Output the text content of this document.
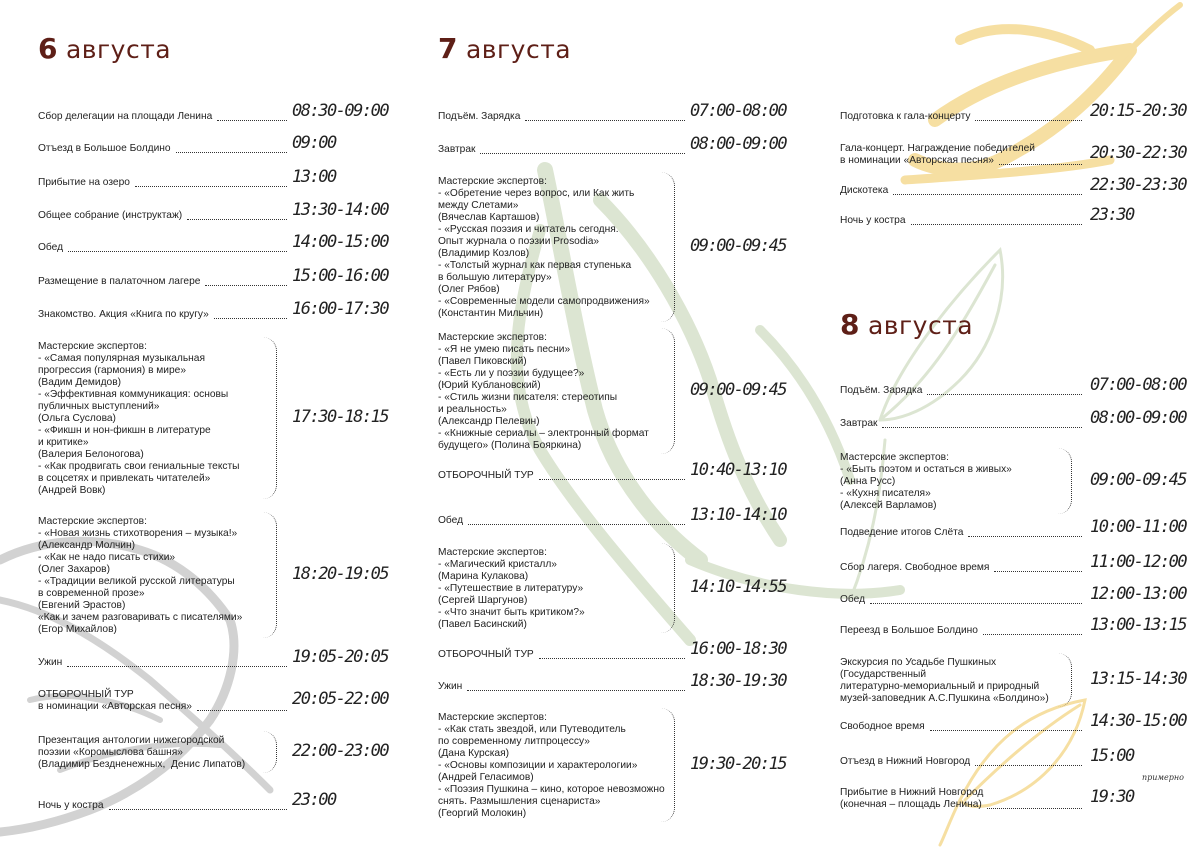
6 августа
Сбор делегации на площади Ленина	08:30-09:00
Отъезд в Большое Болдино	09:00
Прибытие на озеро	13:00
Общее собрание (инструктаж)	13:30-14:00
Обед	14:00-15:00
Размещение в палаточном лагере	15:00-16:00
Знакомство. Акция «Книга по кругу»	16:00-17:30
Мастерские экспертов:
- «Самая популярная музыкальная
прогрессия (гармония) в мире»
(Вадим Демидов)
- «Эффективная коммуникация: основы
публичных выступлений»
(Ольга Суслова)
- «Фикшн и нон-фикшн в литературе
и критике»
(Валерия Белоногова)
- «Как продвигать свои гениальные тексты
в соцсетях и привлекать читателей»
(Андрей Вовк)
17:30-18:15
Мастерские экспертов:
- «Новая жизнь стихотворения – музыка!»
(Александр Молчин)
- «Как не надо писать стихи»
(Олег Захаров)
- «Традиции великой русской литературы
в современной прозе»
(Евгений Эрастов)
«Как и зачем разговаривать с писателями»
(Егор Михайлов)
18:20-19:05
Ужин	19:05-20:05
ОТБОРОЧНЫЙ ТУР
в номинации «Авторская песня»	20:05-22:00
Презентация антологии нижегородской
поэзии «Коромыслова башня»
(Владимир Бездненежных,  Денис Липатов)
22:00-23:00
Ночь у костра	23:00
7 августа
Подъём. Зарядка	07:00-08:00
Завтрак	08:00-09:00
Мастерские экспертов:
- «Обретение через вопрос, или Как жить
между Слетами»
(Вячеслав Карташов)
- «Русская поэзия и читатель сегодня.
Опыт журнала о поэзии Prosodia»
(Владимир Козлов)
- «Толстый журнал как первая ступенька
в большую литературу»
(Олег Рябов)
- «Современные модели самопродвижения»
(Константин Мильчин)
09:00-09:45
Мастерские экспертов:
- «Я не умею писать песни»
(Павел Пиковский)
- «Есть ли у поэзии будущее?»
(Юрий Кублановский)
- «Стиль жизни писателя: стереотипы
и реальность»
(Александр Пелевин)
- «Книжные сериалы – электронный формат
будущего» (Полина Бояркина)
09:00-09:45
ОТБОРОЧНЫЙ ТУР	10:40-13:10
Обед	13:10-14:10
Мастерские экспертов:
- «Магический кристалл»
(Марина Кулакова)
- «Путешествие в литературу»
(Сергей Шаргунов)
- «Что значит быть критиком?»
(Павел Басинский)
14:10-14:55
ОТБОРОЧНЫЙ ТУР	16:00-18:30
Ужин	18:30-19:30
Мастерские экспертов:
- «Как стать звездой, или Путеводитель
по современному литпроцессу»
(Дана Курская)
- «Основы композиции и характерологии»
(Андрей Геласимов)
- «Поэзия Пушкина – кино, которое невозможно
снять. Размышления сценариста»
(Георгий Молокин)
19:30-20:15
Подготовка к гала-концерту	20:15-20:30
Гала-концерт. Награждение победителей
в номинации «Авторская песня»	20:30-22:30
Дискотека	22:30-23:30
Ночь у костра	23:30
8 августа
Подъём. Зарядка	07:00-08:00
Завтрак	08:00-09:00
Мастерские экспертов:
- «Быть поэтом и остаться в живых»
(Анна Русс)
- «Кухня писателя»
(Алексей Варламов)
09:00-09:45
Подведение итогов Слёта	10:00-11:00
Сбор лагеря. Свободное время	11:00-12:00
Обед	12:00-13:00
Переезд в Большое Болдино	13:00-13:15
Экскурсия по Усадьбе Пушкиных
(Государственный
литературно-мемориальный и природный
музей-заповедник А.С.Пушкина «Болдино»)
13:15-14:30
Свободное время	14:30-15:00
Отъезд в Нижний Новгород	15:00
Прибытие в Нижний Новгород
(конечная – площадь Ленина)	19:30
примерно
